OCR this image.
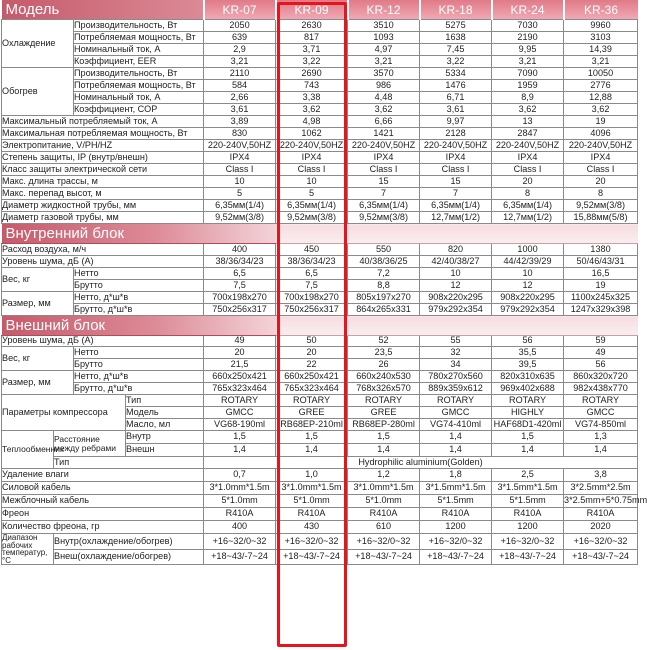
Модель				KR-07	KR-09	KR-12	KR-18	KR-24	KR-36
Охлаждение		Производительность, Вт		2050	2630	3510	5275	7030	9960
		Потребляемая мощность, Вт		639	817	1093	1638	2190	3103
		Номинальный ток, А		2,9	3,71	4,97	7,45	9,95	14,39
		Коэффициент, EER		3,21	3,22	3,21	3,22	3,21	3,21
Обогрев		Производительность, Вт		2110	2690	3570	5334	7090	10050
		Потребляемая мощность, Вт		584	743	986	1476	1959	2776
		Номинальный ток, А		2,66	3,38	4,48	6,71	8,9	12,88
		Коэффициент, COP		3,61	3,62	3,62	3,61	3,62	3,62
Максимальный потребляемый ток, А				3,89	4,98	6,66	9,97	13	19
Максимальная потребляемая мощность, Вт				830	1062	1421	2128	2847	4096
Электропитание, V/PH/HZ				220-240V,50HZ	220-240V,50HZ	220-240V,50HZ	220-240V,50HZ	220-240V,50HZ	220-240V,50HZ
Степень защиты, IP (внутр/внешн)				IPX4	IPX4	IPX4	IPX4	IPX4	IPX4
Класс защиты электрической сети				Class I	Class I	Class I	Class I	Class I	Class I
Макс. длина трассы, м				10	10	15	15	20	20
Макс. перепад высот, м				5	5	7	7	8	8
Диаметр жидкостной трубы, мм				6,35мм(1/4)	6,35мм(1/4)	6,35мм(1/4)	6,35мм(1/4)	6,35мм(1/4)	9,52мм(3/8)
Диаметр газовой трубы, мм				9,52мм(3/8)	9,52мм(3/8)	9,52мм(3/8)	12,7мм(1/2)	12,7мм(1/2)	15,88мм(5/8)
Внутренний блок									
Расход воздуха, м/ч				400	450	550	820	1000	1380
Уровень шума, дБ (А)				38/36/34/23	38/36/34/23	40/38/36/25	42/40/38/27	44/42/39/29	50/46/43/31
Вес, кг		Нетто		6,5	6,5	7,2	10	10	16,5
		Брутто		7,5	7,5	8,8	12	12	19
Размер, мм		Нетто, д*ш*в		700x198x270	700x198x270	805x197x270	908x220x295	908x220x295	1100x245x325
		Брутто, д*ш*в		750x256x317	750x256x317	864x265x331	979x292x354	979x292x354	1247x329x398
Внешний блок									
Уровень шума, дБ (А)				49	50	52	55	56	59
Вес, кг		Нетто		20	20	23,5	32	35,5	49
		Брутто		21,5	22	26	34	39,5	56
Размер, мм		Нетто, д*ш*в		660x250x421	660x250x421	660x240x530	780x270x560	820x310x635	860x320x720
		Брутто, д*ш*в		765x323x464	765x323x464	768x326x570	889x359x612	969x402x688	982x438x770
Параметры компрессора			Тип	ROTARY	ROTARY	ROTARY	ROTARY	ROTARY	ROTARY
			Модель	GMCC	GREE	GREE	GMCC	HIGHLY	GMCC
			Масло, мл	VG68-190ml	RB68EP-210ml	RB68EP-280ml	VG74-410ml	HAF68D1-420ml	VG74-850ml
Теплообменник	Расстояние между ребрами		Внутр	1,5	1,5	1,5	1,4	1,5	1,3
			Внешн	1,4	1,4	1,4	1,4	1,4	1,4
	Тип			Hydrophilic aluminium(Golden)					
Удаление влаги				0,7	1,0	1,2	1,8	2,5	3,8
Силовой кабель				3*1.0mm*1.5m	3*1.0mm*1.5m	3*1.0mm*1.5m	3*1.5mm*1.5m	3*1.5mm*1.5m	3*2.5mm*2.5m
Межблочный кабель				5*1.0mm	5*1.0mm	5*1.0mm	5*1.5mm	5*1.5mm	3*2.5mm+5*0.75mm
Фреон				R410A	R410A	R410A	R410A	R410A	R410A
Количество фреона, гр				400	430	610	1200	1200	2020
Диапазон рабочих температур,°С	Внутр(охлаждение/обогрев)			+16~32/0~32	+16~32/0~32	+16~32/0~32	+16~32/0~32	+16~32/0~32	+16~32/0~32
	Внеш(охлаждение/обогрев)			+18~43/-7~24	+18~43/-7~24	+18~43/-7~24	+18~43/-7~24	+18~43/-7~24	+18~43/-7~24
